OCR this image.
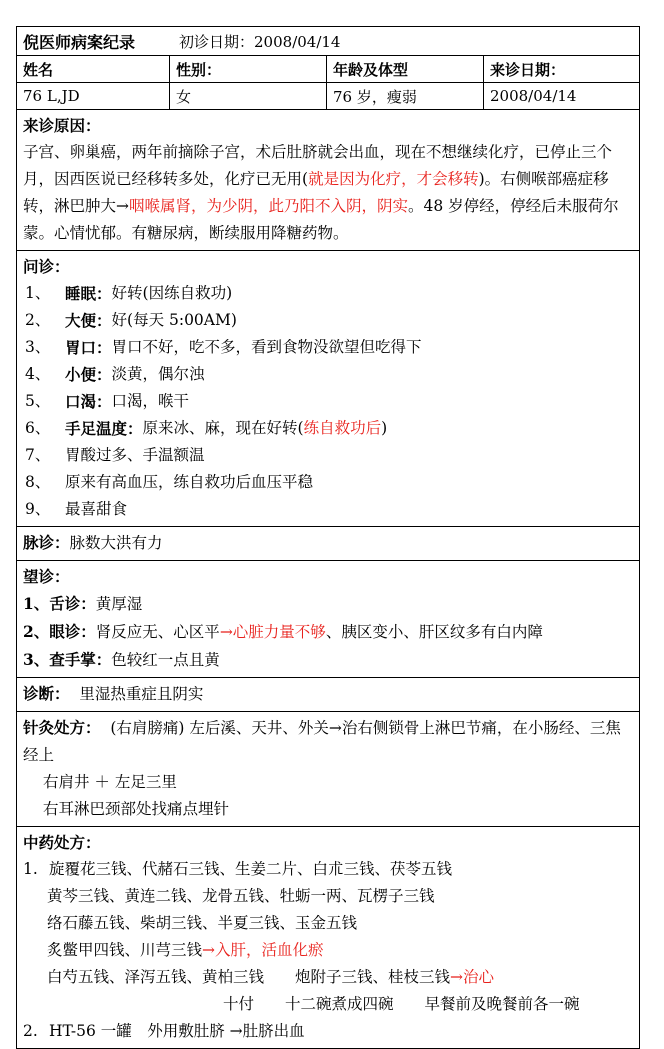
倪医师病案纪录	初诊日期：2008/04/14
姓名	性别：	年龄及体型	来诊日期：
76 L,JD	女	76 岁，瘦弱	2008/04/14
来诊原因：
子宫、卵巢癌，两年前摘除子宫，术后肚脐就会出血，现在不想继续化疗，已停止三个月，因西医说已经移转多处，化疗已无用(就是因为化疗，才会移转)。右侧喉部癌症移转，淋巴肿大→咽喉属肾，为少阴，此乃阳不入阴，阴实。48 岁停经，停经后未服荷尔蒙。心情忧郁。有糖尿病，断续服用降糖药物。
问诊：
1、 睡眠： 好转(因练自救功)
2、 大便： 好(每天 5:00AM)
3、 胃口： 胃口不好，吃不多，看到食物没欲望但吃得下
4、 小便： 淡黄，偶尔浊
5、 口渴： 口渴，喉干
6、 手足温度： 原来冰、麻，现在好转( 练自救功后 )
7、 胃酸过多、手温额温
8、 原来有高血压，练自救功后血压平稳
9、 最喜甜食
脉诊：脉数大洪有力
望诊：
1、舌诊：黄厚湿
2、眼诊：肾反应无、心区平→心脏力量不够、胰区变小、肝区纹多有白内障
3、查手掌：色较红一点且黄
诊断： 里湿热重症且阴实
针灸处方： (右肩膀痛) 左后溪、天井、外关→治右侧锁骨上淋巴节痛，在小肠经、三焦经上
右肩井 ＋ 左足三里
右耳淋巴颈部处找痛点埋针
中药处方：
1. 旋覆花三钱、代赭石三钱、生姜二片、白朮三钱、茯苓五钱
黄芩三钱、黄连二钱、龙骨五钱、牡蛎一两、瓦楞子三钱
络石藤五钱、柴胡三钱、半夏三钱、玉金五钱
炙鳖甲四钱、川芎三钱→入肝，活血化瘀
白芍五钱、泽泻五钱、黄柏三钱　　炮附子三钱、桂枝三钱→治心
十付　　十二碗煮成四碗　　早餐前及晚餐前各一碗
2. HT-56 一罐　外用敷肚脐 →肚脐出血
